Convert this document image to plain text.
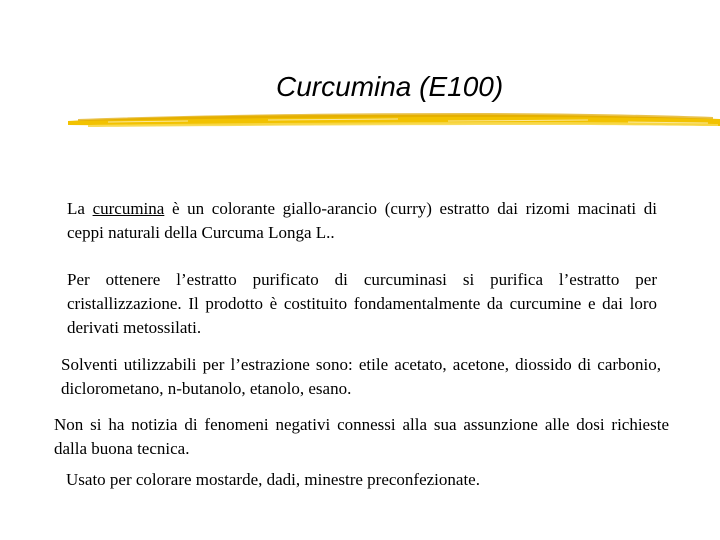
Curcumina (E100)

La curcumina è un colorante giallo-arancio (curry) estratto dai rizomi macinati di ceppi naturali della Curcuma Longa L..

Per ottenere l’estratto purificato di curcuminasi si purifica l’estratto per cristallizzazione. Il prodotto è costituito fondamentalmente da curcumine e dai loro derivati metossilati.

Solventi utilizzabili per l’estrazione sono: etile acetato, acetone, diossido di carbonio, diclorometano, n-butanolo, etanolo, esano.

Non si ha notizia di fenomeni negativi connessi alla sua assunzione alle dosi richieste dalla buona tecnica.

Usato per colorare mostarde, dadi, minestre preconfezionate.
